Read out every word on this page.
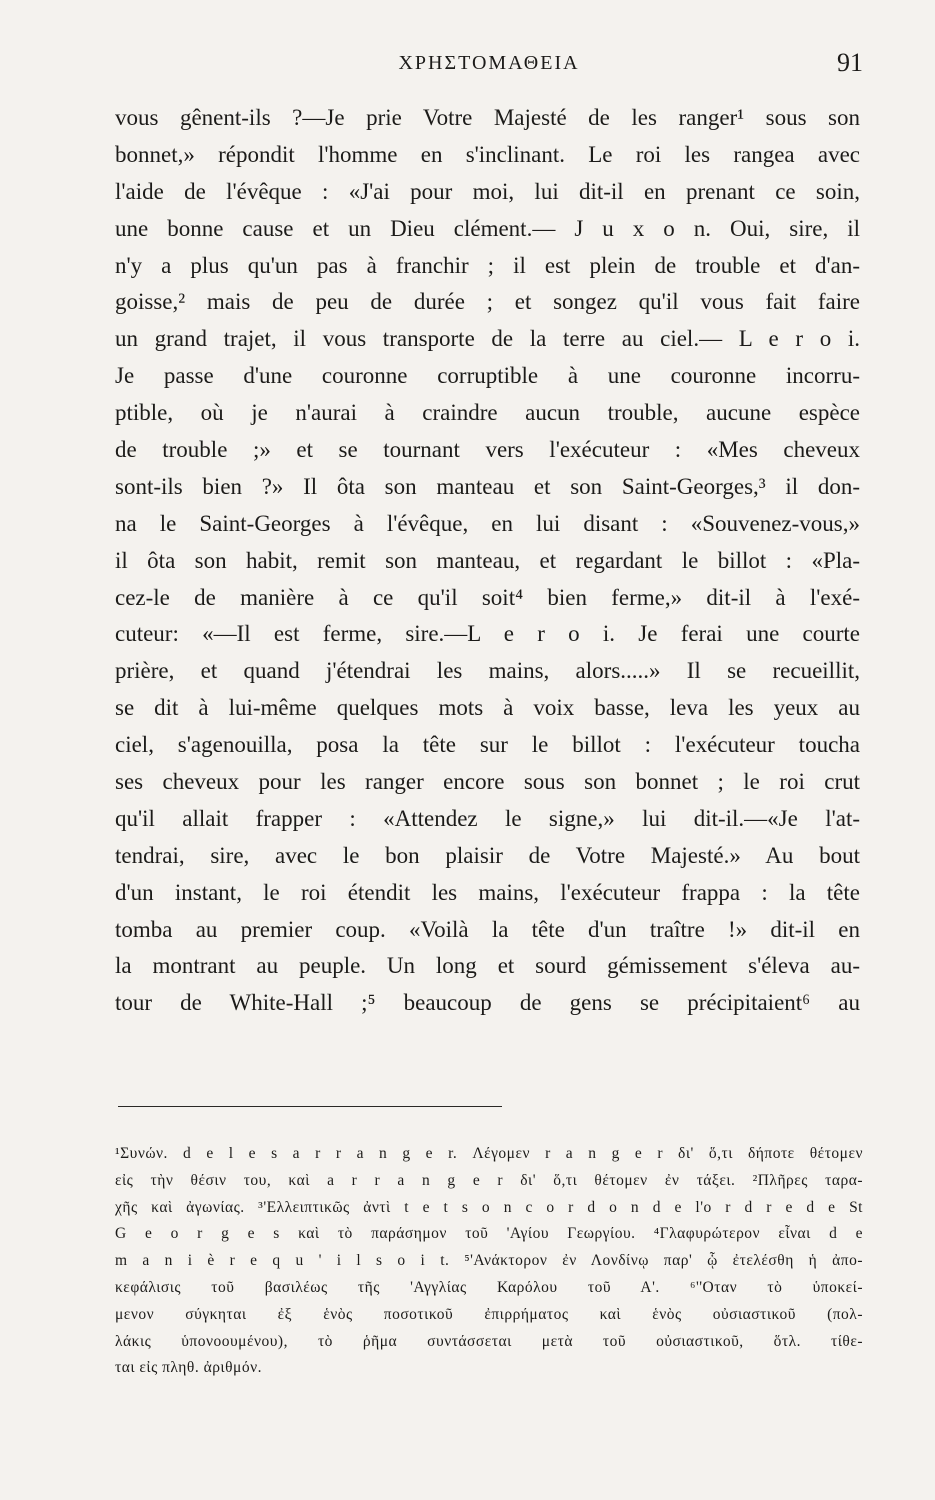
ΧΡΗΣΤΟΜΑΘΕΙΑ	91
vous gênent-ils ?—Je prie Votre Majesté de les ranger¹ sous son
bonnet,» répondit l'homme en s'inclinant. Le roi les rangea avec
l'aide de l'évêque : «J'ai pour moi, lui dit-il en prenant ce soin,
une bonne cause et un Dieu clément.— J u x o n. Oui, sire, il
n'y a plus qu'un pas à franchir ; il est plein de trouble et d'an-
goisse,² mais de peu de durée ; et songez qu'il vous fait faire
un grand trajet, il vous transporte de la terre au ciel.— L e r o i.
Je passe d'une couronne corruptible à une couronne incorru-
ptible, où je n'aurai à craindre aucun trouble, aucune espèce
de trouble ;» et se tournant vers l'exécuteur : «Mes cheveux
sont-ils bien ?» Il ôta son manteau et son Saint-Georges,³ il don-
na le Saint-Georges à l'évêque, en lui disant : «Souvenez-vous,»
il ôta son habit, remit son manteau, et regardant le billot : «Pla-
cez-le de manière à ce qu'il soit⁴ bien ferme,» dit-il à l'exé-
cuteur: «—Il est ferme, sire.—L e r o i. Je ferai une courte
prière, et quand j'étendrai les mains, alors.....» Il se recueillit,
se dit à lui-même quelques mots à voix basse, leva les yeux au
ciel, s'agenouilla, posa la tête sur le billot : l'exécuteur toucha
ses cheveux pour les ranger encore sous son bonnet ; le roi crut
qu'il allait frapper : «Attendez le signe,» lui dit-il.—«Je l'at-
tendrai, sire, avec le bon plaisir de Votre Majesté.» Au bout
d'un instant, le roi étendit les mains, l'exécuteur frappa : la tête
tomba au premier coup. «Voilà la tête d'un traître !» dit-il en
la montrant au peuple. Un long et sourd gémissement s'éleva au-
tour de White-Hall ;⁵ beaucoup de gens se précipitaient⁶ au
¹Συνών. d e l e s a r r a n g e r. Λέγομεν r a n g e r δι' ὅ,τι δήποτε θέτομεν
εἰς τὴν θέσιν του, καὶ a r r a n g e r δι' ὅ,τι θέτομεν ἐν τάξει. ²Πλῆρες ταρα-
χῆς καὶ ἀγωνίας. ³'Ελλειπτικῶς ἀντὶ t e t s o n c o r d o n d e l'o r d r e d e St
G e o r g e s καὶ τὸ παράσημον τοῦ 'Αγίου Γεωργίου. ⁴Γλαφυρώτερον εἶναι d e
m a n i è r e q u ' i l s o i t. ⁵'Ανάκτορον ἐν Λονδίνῳ παρ' ᾧ ἐτελέσθη ἡ ἀπο-
κεφάλισις τοῦ βασιλέως τῆς 'Αγγλίας Καρόλου τοῦ Α'. ⁶''Οταν τὸ ὑποκεί-
μενον σύγκηται ἐξ ἑνὸς ποσοτικοῦ ἐπιρρήματος καὶ ἑνὸς οὐσιαστικοῦ (πολ-
λάκις ὑπονοουμένου), τὸ ῥῆμα συντάσσεται μετὰ τοῦ οὐσιαστικοῦ, ὅτλ. τίθε-
ται εἰς πληθ. ἀριθμόν.
